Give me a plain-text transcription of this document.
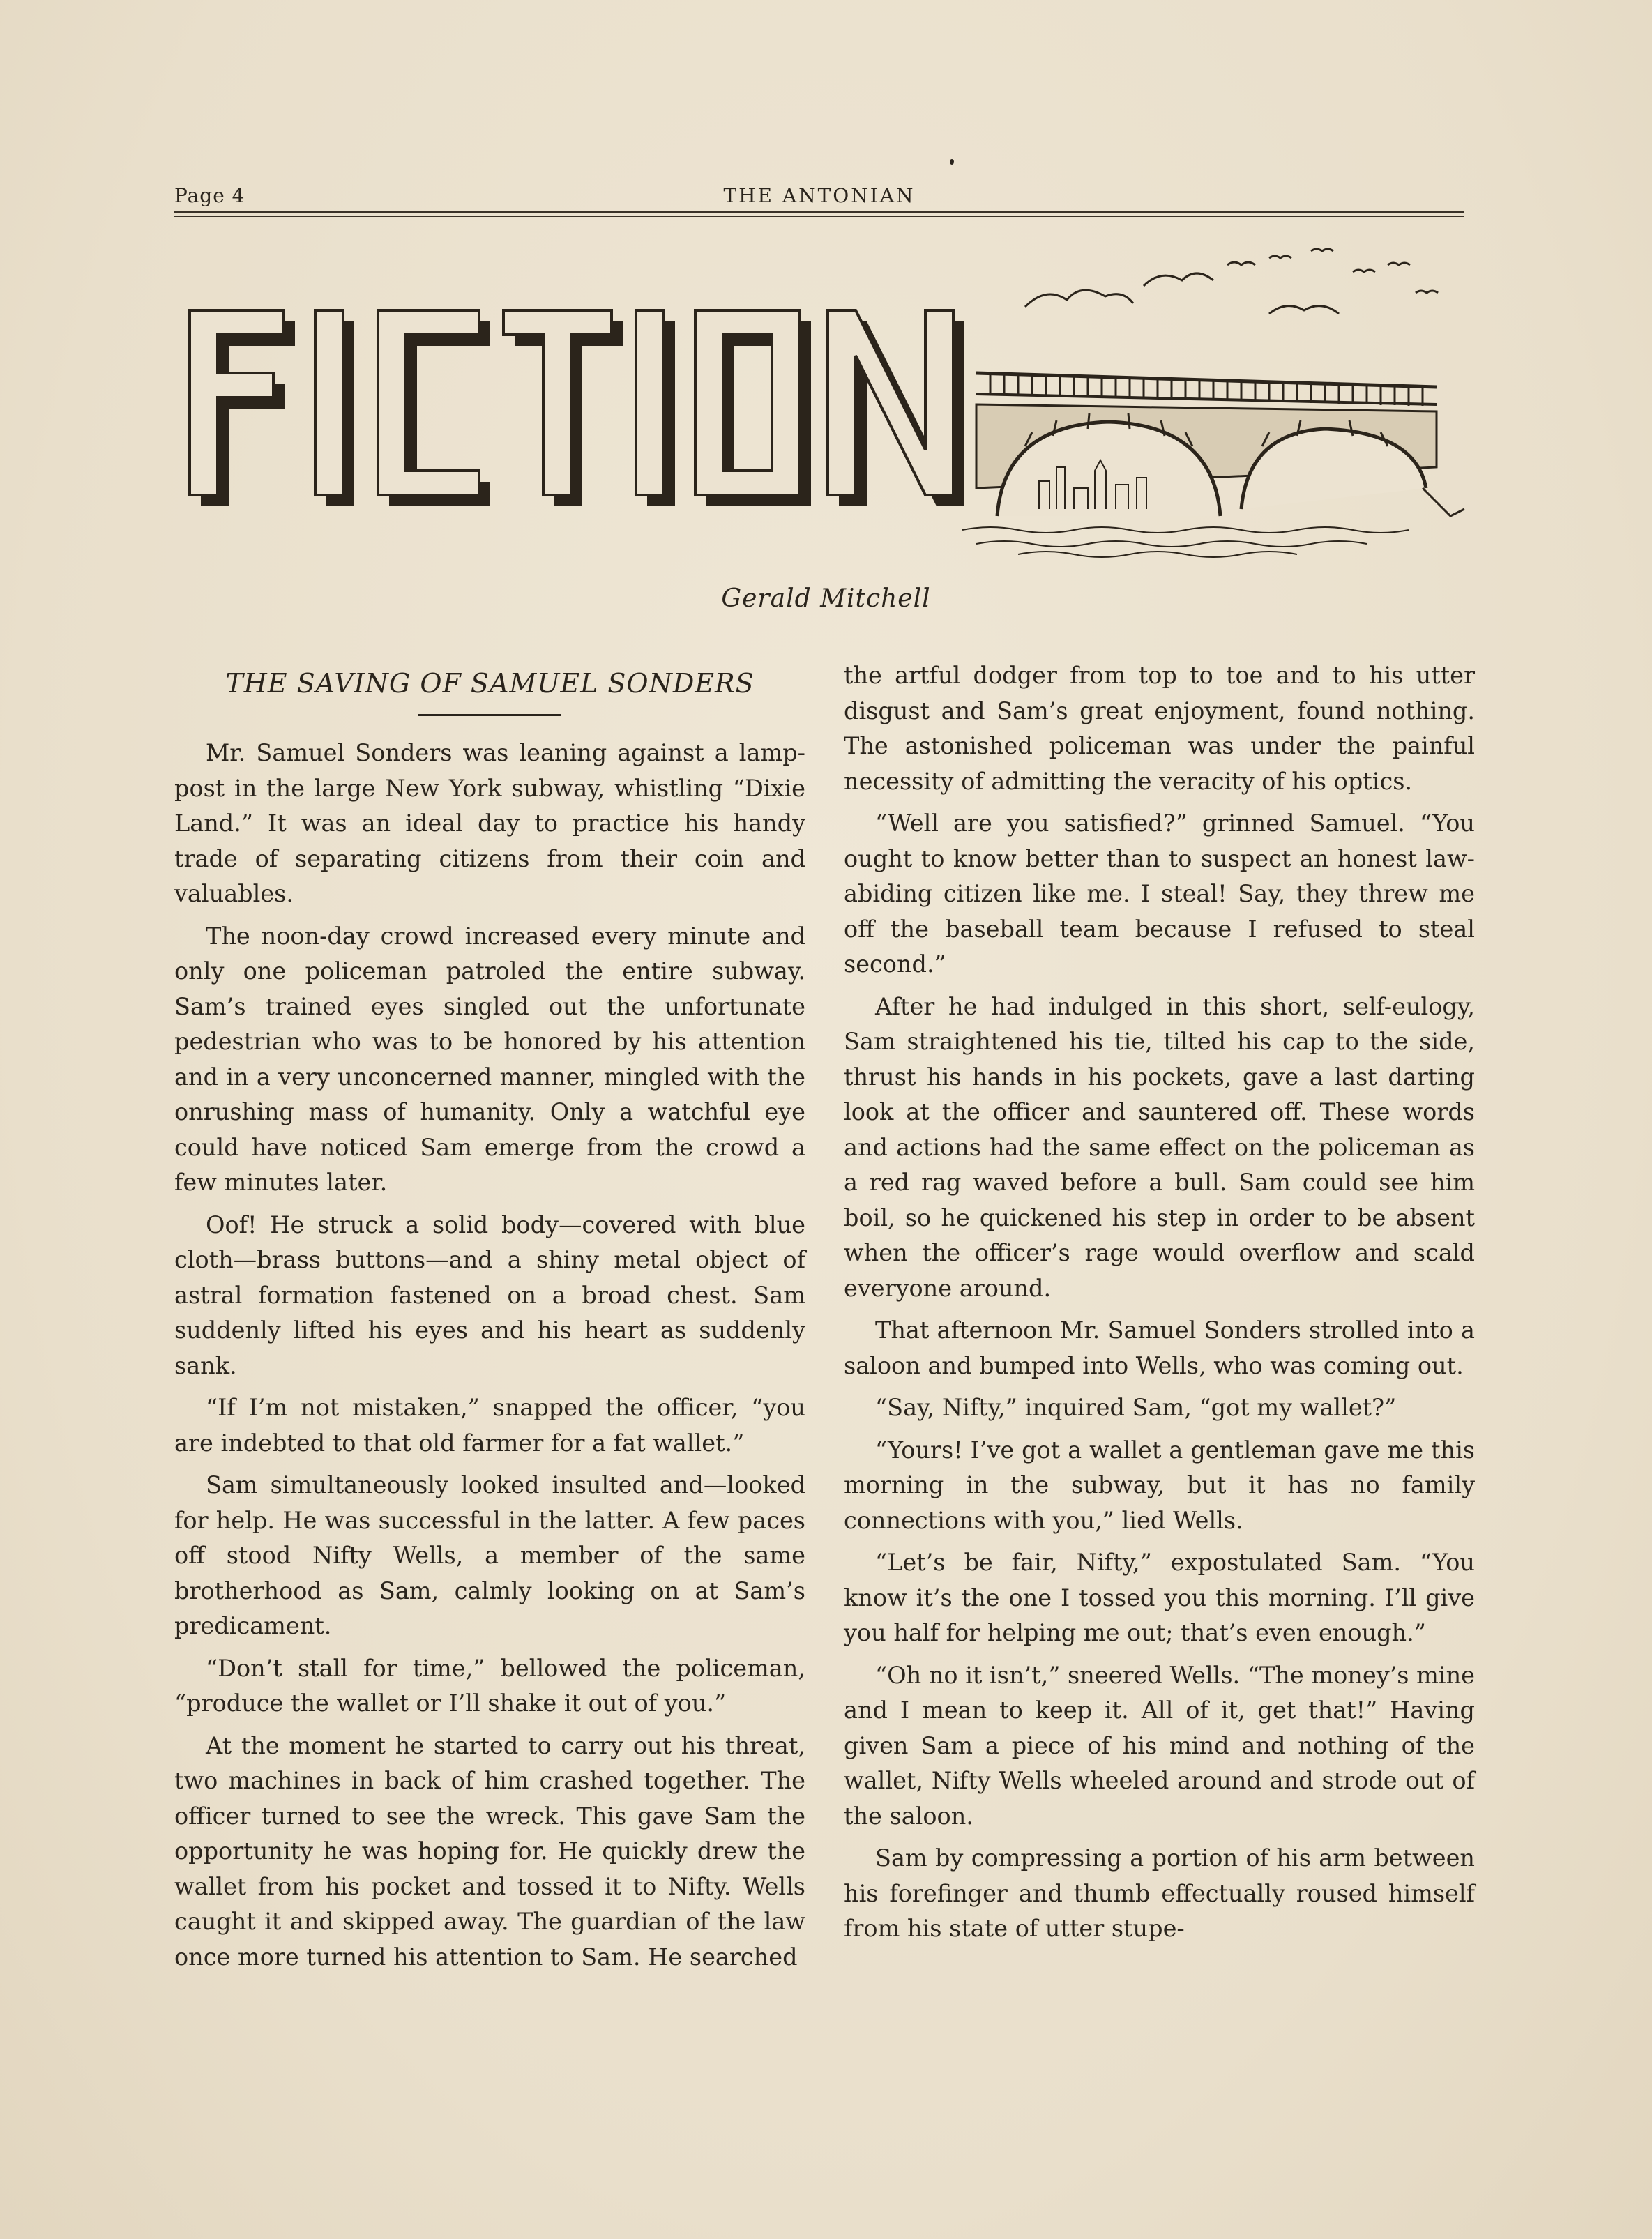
Page 4	THE ANTONIAN
Gerald Mitchell
THE SAVING OF SAMUEL SONDERS

Mr. Samuel Sonders was leaning against a lamp-post in the large New York subway, whistling “Dixie Land.” It was an ideal day to practice his handy trade of separating citizens from their coin and valuables.

The noon-day crowd increased every minute and only one policeman patroled the entire subway. Sam’s trained eyes singled out the unfortunate pedestrian who was to be honored by his attention and in a very unconcerned manner, mingled with the onrushing mass of humanity. Only a watchful eye could have noticed Sam emerge from the crowd a few minutes later.

Oof! He struck a solid body—covered with blue cloth—brass buttons—and a shiny metal object of astral formation fastened on a broad chest. Sam suddenly lifted his eyes and his heart as suddenly sank.

“If I’m not mistaken,” snapped the officer, “you are indebted to that old farmer for a fat wallet.”

Sam simultaneously looked insulted and—looked for help. He was successful in the latter. A few paces off stood Nifty Wells, a member of the same brotherhood as Sam, calmly looking on at Sam’s predicament.

“Don’t stall for time,” bellowed the policeman, “produce the wallet or I’ll shake it out of you.”

At the moment he started to carry out his threat, two machines in back of him crashed together. The officer turned to see the wreck. This gave Sam the opportunity he was hoping for. He quickly drew the wallet from his pocket and tossed it to Nifty. Wells caught it and skipped away. The guardian of the law once more turned his attention to Sam. He searched

the artful dodger from top to toe and to his utter disgust and Sam’s great enjoyment, found nothing. The astonished policeman was under the painful necessity of admitting the veracity of his optics.

“Well are you satisfied?” grinned Samuel. “You ought to know better than to suspect an honest law-abiding citizen like me. I steal! Say, they threw me off the baseball team because I refused to steal second.”

After he had indulged in this short, self-eulogy, Sam straightened his tie, tilted his cap to the side, thrust his hands in his pockets, gave a last darting look at the officer and sauntered off. These words and actions had the same effect on the policeman as a red rag waved before a bull. Sam could see him boil, so he quickened his step in order to be absent when the officer’s rage would overflow and scald everyone around.

That afternoon Mr. Samuel Sonders strolled into a saloon and bumped into Wells, who was coming out.

“Say, Nifty,” inquired Sam, “got my wallet?”

“Yours! I’ve got a wallet a gentleman gave me this morning in the subway, but it has no family connections with you,” lied Wells.

“Let’s be fair, Nifty,” expostulated Sam. “You know it’s the one I tossed you this morning. I’ll give you half for helping me out; that’s even enough.”

“Oh no it isn’t,” sneered Wells. “The money’s mine and I mean to keep it. All of it, get that!” Having given Sam a piece of his mind and nothing of the wallet, Nifty Wells wheeled around and strode out of the saloon.

Sam by compressing a portion of his arm between his forefinger and thumb effectually roused himself from his state of utter stupe-
